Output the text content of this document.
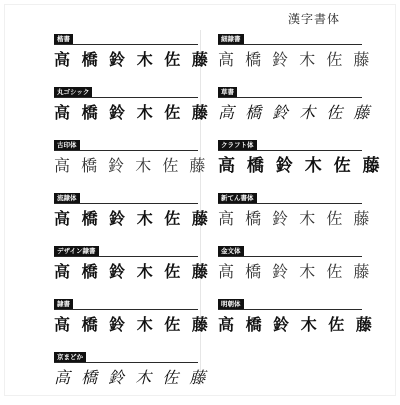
漢字書体
楷書
高 橋 鈴 木 佐 藤
丸ゴシック
高 橋 鈴 木 佐 藤
古印体
高 橋 鈴 木 佐 藤
流隷体
高 橋 鈴 木 佐 藤
デザイン隷書
高 橋 鈴 木 佐 藤
隷書
高 橋 鈴 木 佐 藤
京まどか
高 橋 鈴 木 佐 藤
細隷書
高 橋 鈴 木 佐 藤
草書
高 橋 鈴 木 佐 藤
クラフト体
高 橋 鈴 木 佐 藤
新てん書体
高 橋 鈴 木 佐 藤
金文体
高 橋 鈴 木 佐 藤
明朝体
高 橋 鈴 木 佐 藤
